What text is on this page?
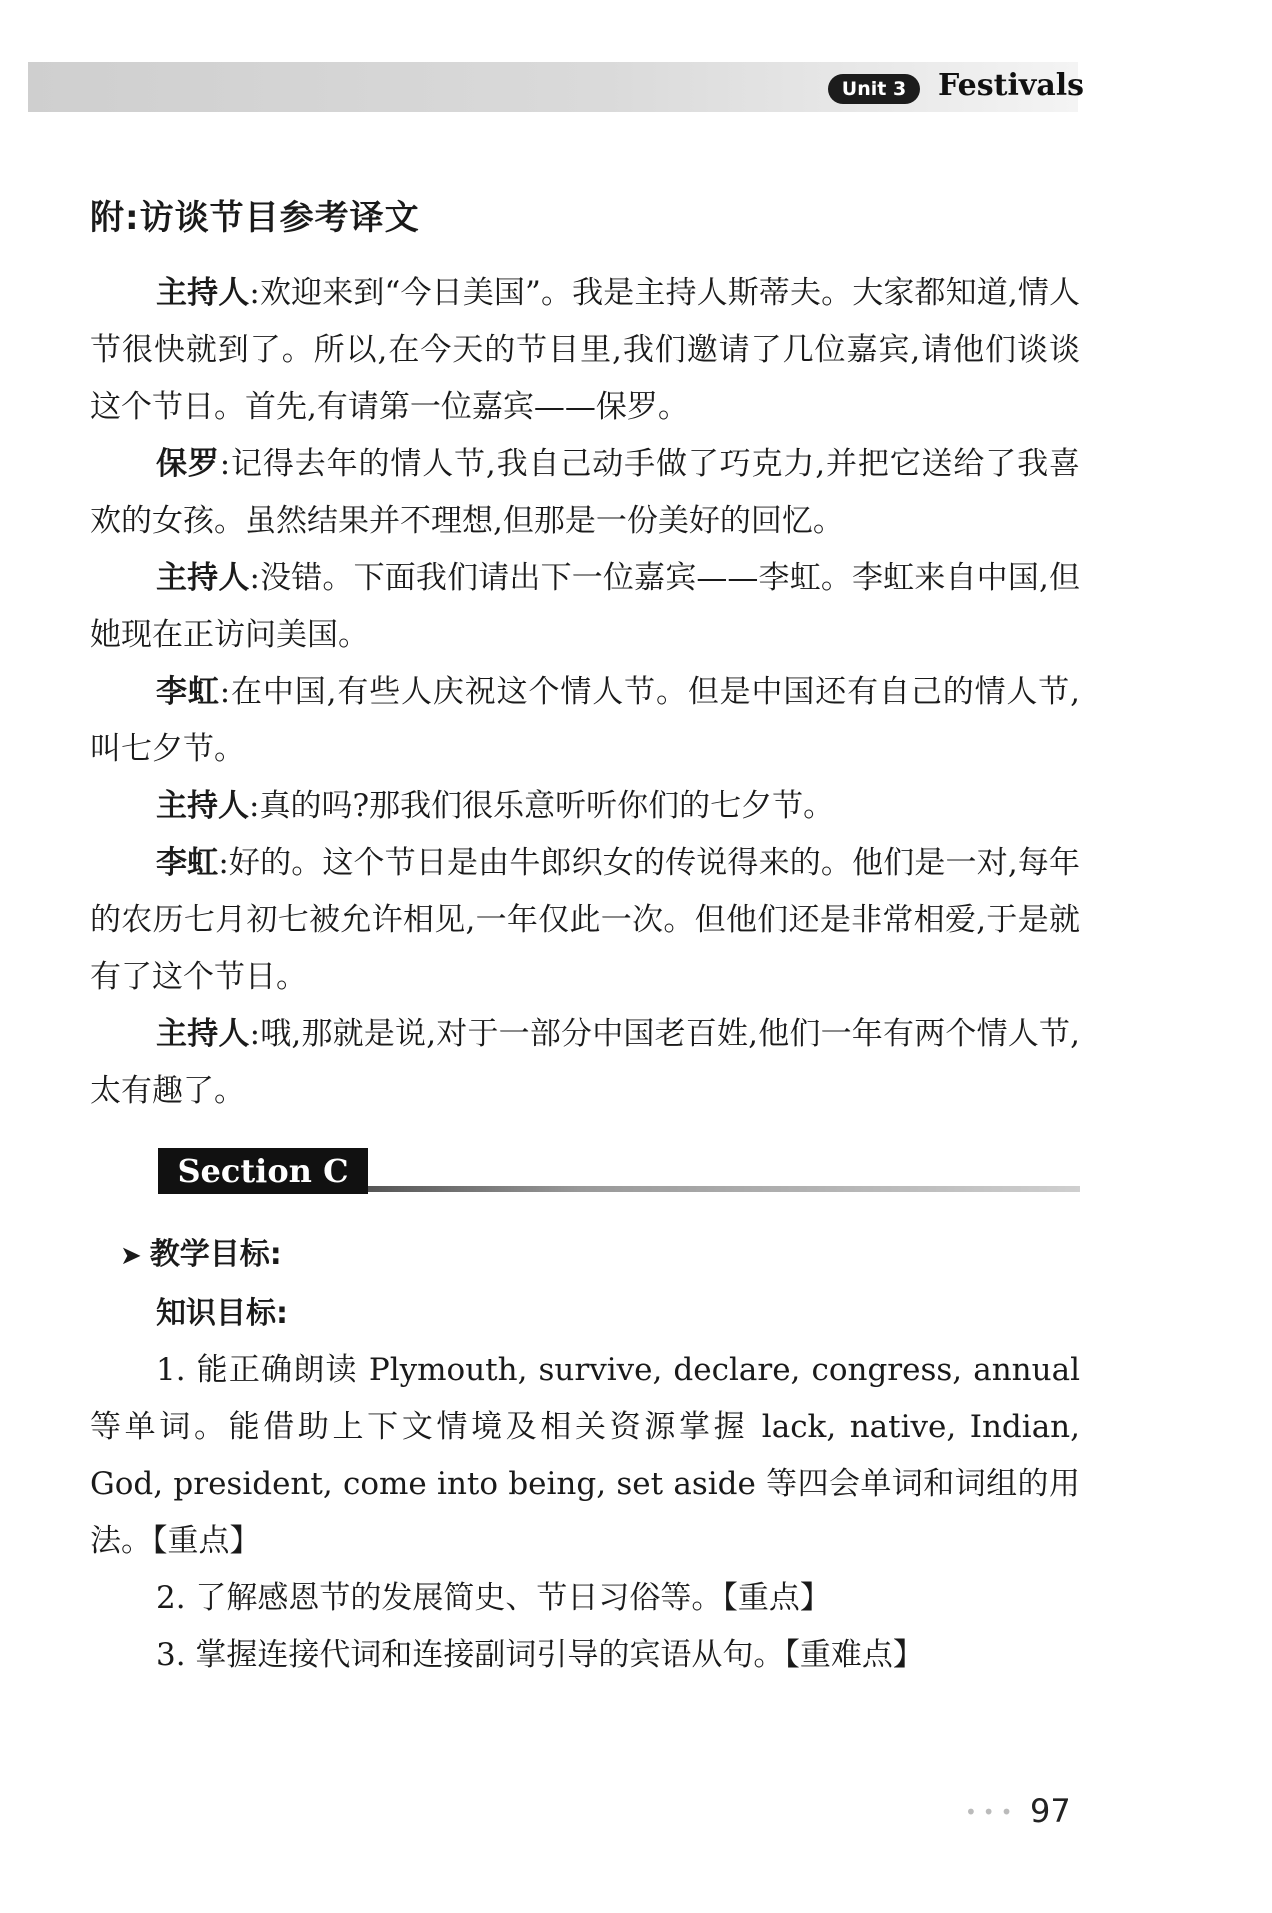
Unit 3	Festivals
附:访谈节目参考译文

主持人:欢迎来到“今日美国”。我是主持人斯蒂夫。大家都知道,情人节很快就到了。所以,在今天的节目里,我们邀请了几位嘉宾,请他们谈谈这个节日。首先,有请第一位嘉宾——保罗。

保罗:记得去年的情人节,我自己动手做了巧克力,并把它送给了我喜欢的女孩。虽然结果并不理想,但那是一份美好的回忆。

主持人:没错。下面我们请出下一位嘉宾——李虹。李虹来自中国,但她现在正访问美国。

李虹:在中国,有些人庆祝这个情人节。但是中国还有自己的情人节,叫七夕节。

主持人:真的吗?那我们很乐意听听你们的七夕节。

李虹:好的。这个节日是由牛郎织女的传说得来的。他们是一对,每年的农历七月初七被允许相见,一年仅此一次。但他们还是非常相爱,于是就有了这个节日。

主持人:哦,那就是说,对于一部分中国老百姓,他们一年有两个情人节,太有趣了。

Section C
➤ 教学目标:
知识目标:

1. 能正确朗读 Plymouth, survive, declare, congress, annual等单词。能借助上下文情境及相关资源掌握 lack, native, Indian, God, president, come into being, set aside 等四会单词和词组的用法。【重点】

2. 了解感恩节的发展简史、节日习俗等。【重点】

3. 掌握连接代词和连接副词引导的宾语从句。【重难点】

••• 97
